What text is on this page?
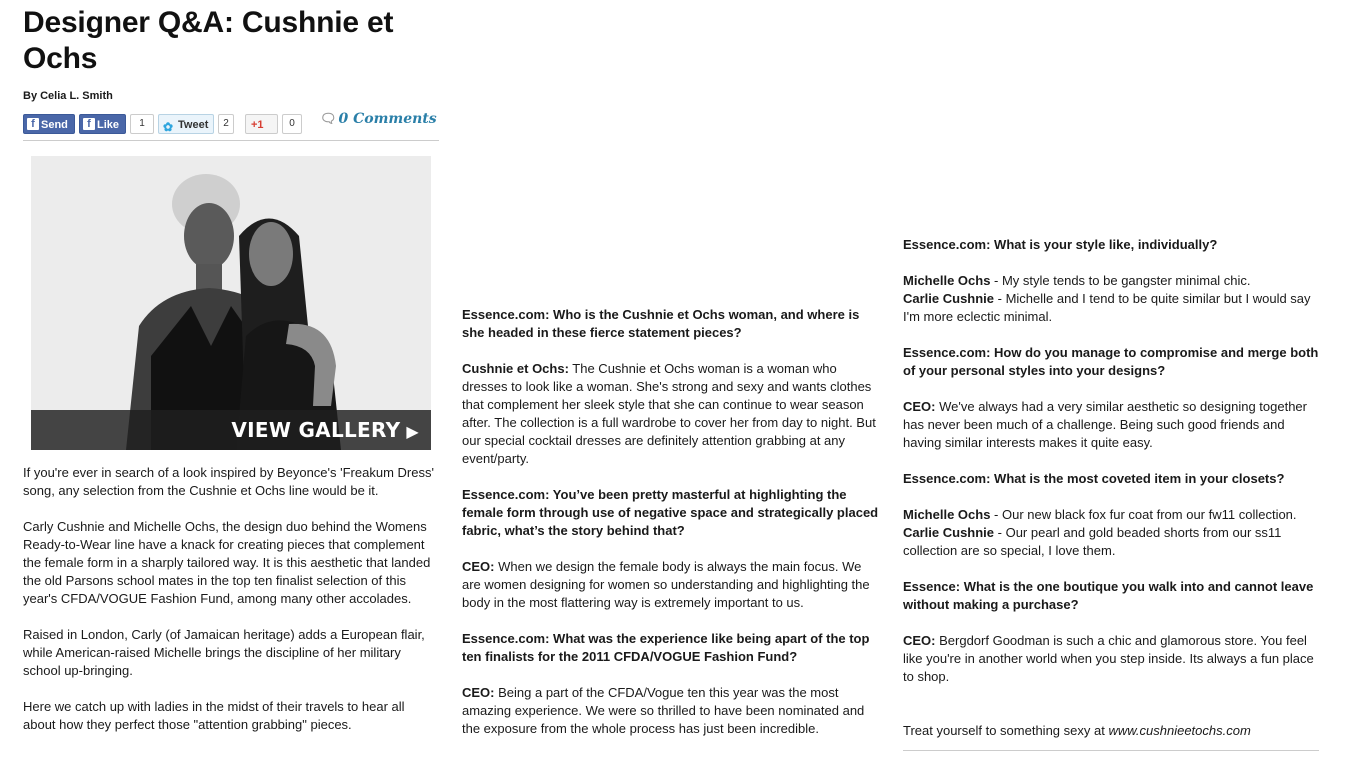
Designer Q&A: Cushnie et Ochs
By Celia L. Smith
f Send	f Like	1	✿ Tweet	2	+1	0	🗨 0 Comments
VIEW GALLERY ▶

If you're ever in search of a look inspired by Beyonce's 'Freakum Dress' song, any selection from the Cushnie et Ochs line would be it.

Carly Cushnie and Michelle Ochs, the design duo behind the Womens Ready-to-Wear line have a knack for creating pieces that complement the female form in a sharply tailored way. It is this aesthetic that landed the old Parsons school mates in the top ten finalist selection of this year's CFDA/VOGUE Fashion Fund, among many other accolades.

Raised in London, Carly (of Jamaican heritage) adds a European flair, while American-raised Michelle brings the discipline of her military school up-bringing.

Here we catch up with ladies in the midst of their travels to hear all about how they perfect those "attention grabbing" pieces.

Essence.com: Who is the Cushnie et Ochs woman, and where is she headed in these fierce statement pieces?

Cushnie et Ochs: The Cushnie et Ochs woman is a woman who dresses to look like a woman. She's strong and sexy and wants clothes that complement her sleek style that she can continue to wear season after. The collection is a full wardrobe to cover her from day to night. But our special cocktail dresses are definitely attention grabbing at any event/party.

Essence.com: You’ve been pretty masterful at highlighting the female form through use of negative space and strategically placed fabric, what’s the story behind that?

CEO: When we design the female body is always the main focus. We are women designing for women so understanding and highlighting the body in the most flattering way is extremely important to us.

Essence.com: What was the experience like being apart of the top ten finalists for the 2011 CFDA/VOGUE Fashion Fund?

CEO: Being a part of the CFDA/Vogue ten this year was the most amazing experience. We were so thrilled to have been nominated and the exposure from the whole process has just been incredible.

Essence.com: What is your style like, individually?

Michelle Ochs - My style tends to be gangster minimal chic.
Carlie Cushnie - Michelle and I tend to be quite similar but I would say I'm more eclectic minimal.

Essence.com: How do you manage to compromise and merge both of your personal styles into your designs?

CEO: We've always had a very similar aesthetic so designing together has never been much of a challenge. Being such good friends and having similar interests makes it quite easy.

Essence.com: What is the most coveted item in your closets?

Michelle Ochs - Our new black fox fur coat from our fw11 collection.
Carlie Cushnie - Our pearl and gold beaded shorts from our ss11 collection are so special, I love them.

Essence: What is the one boutique you walk into and cannot leave without making a purchase?

CEO: Bergdorf Goodman is such a chic and glamorous store. You feel like you're in another world when you step inside. Its always a fun place to shop.

Treat yourself to something sexy at www.cushnieetochs.com
